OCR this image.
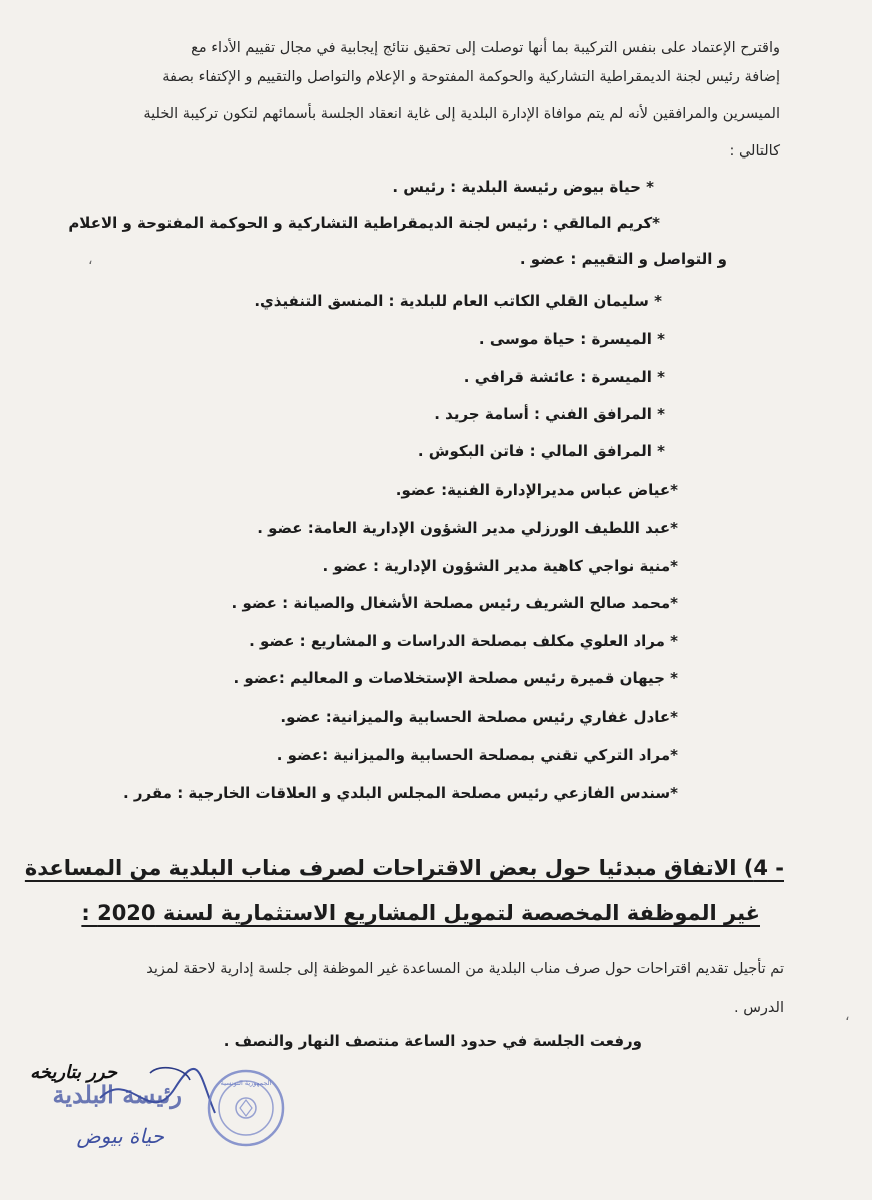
واقترح الإعتماد على بنفس التركيبة بما أنها توصلت إلى تحقيق نتائج إيجابية في مجال تقييم الأداء مع
إضافة رئيس لجنة الديمقراطية التشاركية والحوكمة المفتوحة و الإعلام والتواصل والتقييم و الإكتفاء بصفة
الميسرين والمرافقين لأنه لم يتم موافاة الإدارة البلدية إلى غاية انعقاد الجلسة بأسمائهم لتكون تركيبة الخلية
كالتالي :
* حياة بيوض رئيسة البلدية : رئيس .
*كريم المالقي : رئيس لجنة الديمقراطية التشاركية و الحوكمة المفتوحة و الاعلام
و التواصل و التقييم : عضو .
،
* سليمان القلي الكاتب العام للبلدية : المنسق التنفيذي.
* الميسرة : حياة موسى .
* الميسرة : عائشة قرافي .
* المرافق الفني : أسامة جريد .
* المرافق المالي : فاتن البكوش .
*عياض عباس مديرالإدارة الفنية: عضو.
*عبد اللطيف الورزلي مدير الشؤون الإدارية العامة: عضو .
*منية نواجي كاهية مدير الشؤون الإدارية : عضو .
*محمد صالح الشريف رئيس مصلحة الأشغال والصيانة : عضو .
* مراد العلوي مكلف بمصلحة الدراسات و المشاريع : عضو .
* جيهان قميرة رئيس مصلحة الإستخلاصات و المعاليم :عضو .
*عادل غفاري رئيس مصلحة الحسابية والميزانية: عضو.
*مراد التركي تقني بمصلحة الحسابية والميزانية :عضو .
*سندس الفازعي رئيس مصلحة المجلس البلدي و العلاقات الخارجية : مقرر .
- 4) الاتفاق مبدئيا حول بعض الاقتراحات لصرف مناب البلدية من المساعدة
غير الموظفة المخصصة لتمويل المشاريع الاستثمارية لسنة 2020 :
تم تأجيل تقديم اقتراحات حول صرف مناب البلدية من المساعدة غير الموظفة إلى جلسة إدارية لاحقة لمزيد
الدرس .	،
ورفعت الجلسة في حدود الساعة منتصف النهار والنصف .
حرر بتاريخه
رئيسة البلدية
حياة بيوض
الجمهورية التونسية
